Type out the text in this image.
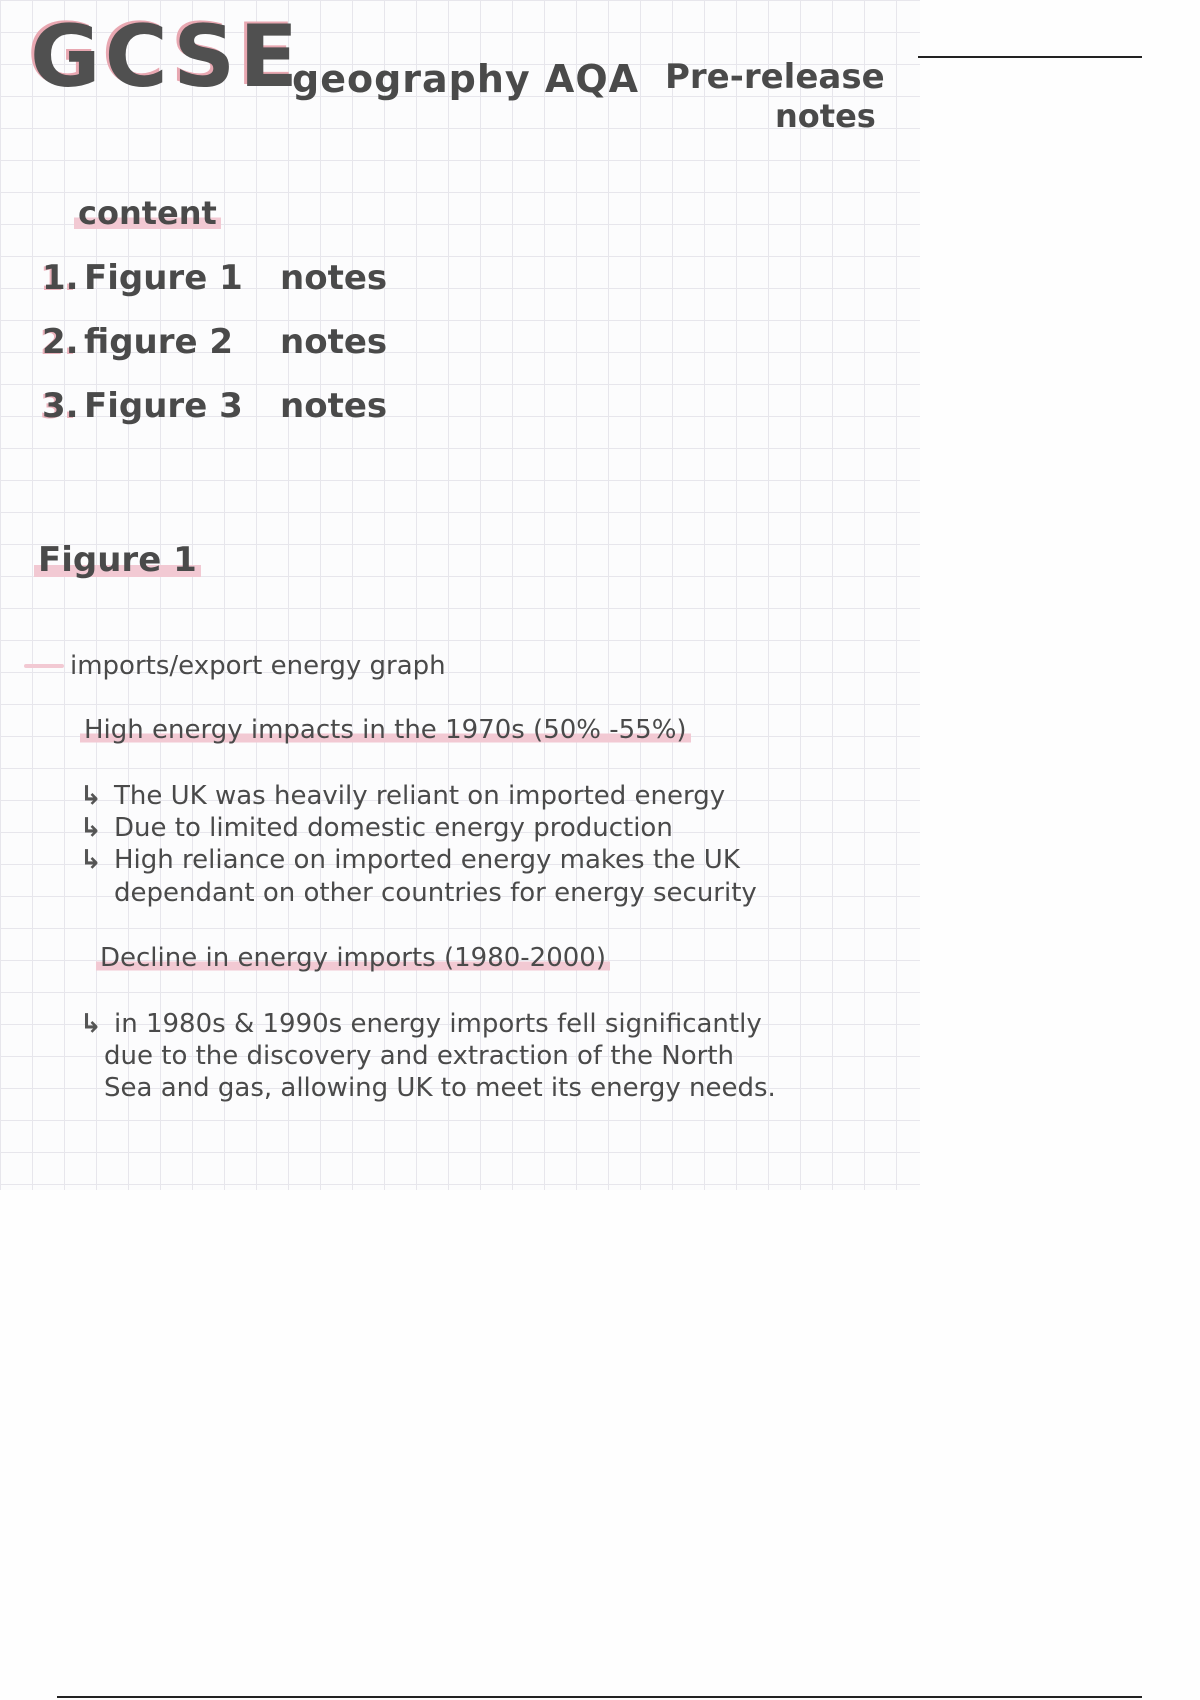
GCSE
geography AQA Pre-release
notes
content
1. Figure 1 notes
2. figure 2 notes
3. Figure 3 notes
Figure 1
imports/export energy graph
High energy impacts in the 1970s (50% -55%)
↳ The UK was heavily reliant on imported energy
↳ Due to limited domestic energy production
↳ High reliance on imported energy makes the UK
dependant on other countries for energy security
Decline in energy imports (1980-2000)
↳ in 1980s & 1990s energy imports fell significantly
due to the discovery and extraction of the North
Sea and gas, allowing UK to meet its energy needs.
